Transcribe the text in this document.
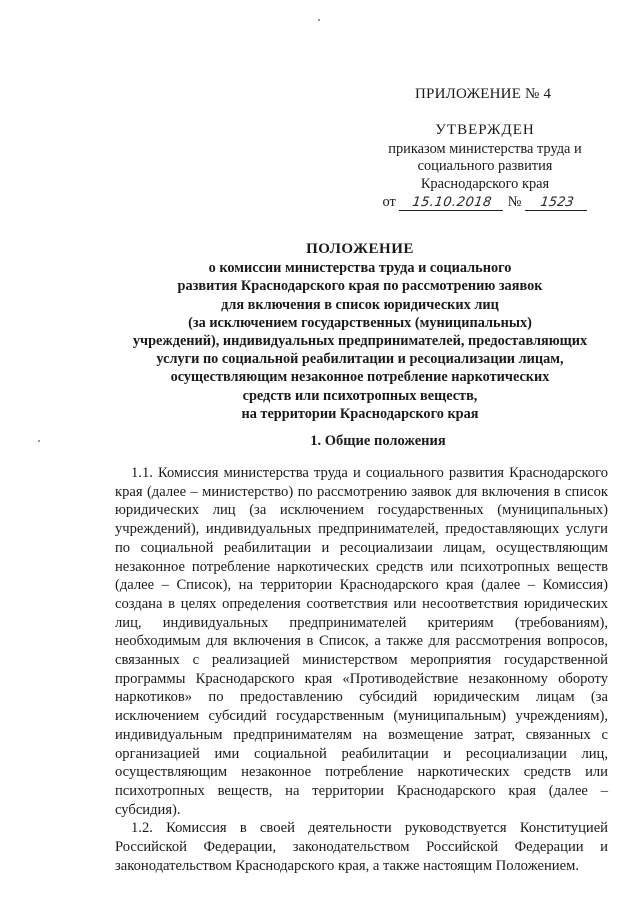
ПРИЛОЖЕНИЕ № 4
УТВЕРЖДЕН
приказом министерства труда и
социального развития
Краснодарского края
от	15.10.2018	№	1523
ПОЛОЖЕНИЕ
о комиссии министерства труда и социального
развития Краснодарского края по рассмотрению заявок
для включения в список юридических лиц
(за исключением государственных (муниципальных)
учреждений), индивидуальных предпринимателей, предоставляющих
услуги по социальной реабилитации и ресоциализации лицам,
осуществляющим незаконное потребление наркотических
средств или психотропных веществ,
на территории Краснодарского края
1. Общие положения

1.1. Комиссия министерства труда и социального развития Краснодарского края (далее – министерство) по рассмотрению заявок для включения в список юридических лиц (за исключением государственных (муниципальных) учреждений), индивидуальных предпринимателей, предоставляющих услуги по социальной реабилитации и ресоциализаии лицам, осуществляющим незаконное потребление наркотических средств или психотропных веществ (далее – Список), на территории Краснодарского края (далее – Комиссия) создана в целях определения соответствия или несоответствия юридических лиц, индивидуальных предпринимателей критериям (требованиям), необходимым для включения в Список, а также для рассмотрения вопросов, связанных с реализацией министерством мероприятия государственной программы Краснодарского края «Противодействие незаконному обороту наркотиков» по предоставлению субсидий юридическим лицам (за исключением субсидий государственным (муниципальным) учреждениям), индивидуальным предпринимателям на возмещение затрат, связанных с организацией ими социальной реабилитации и ресоциализации лиц, осуществляющим незаконное потребление наркотических средств или психотропных веществ, на территории Краснодарского края (далее – субсидия).

1.2. Комиссия в своей деятельности руководствуется Конституцией Российской Федерации, законодательством Российской Федерации и законодательством Краснодарского края, а также настоящим Положением.
